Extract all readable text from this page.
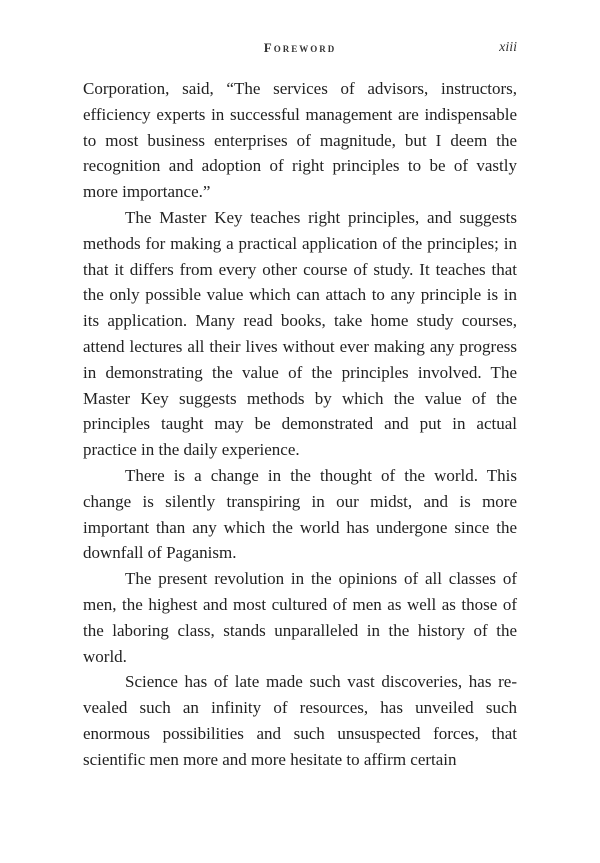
Foreword	xiii

Corporation, said, “The services of advisors, instructors, efficiency experts in successful management are indispensable to most business enterprises of magnitude, but I deem the recognition and adoption of right principles to be of vastly more importance.”

The Master Key teaches right principles, and suggests methods for making a practical application of the principles; in that it differs from every other course of study. It teaches that the only possible value which can attach to any principle is in its application. Many read books, take home study courses, attend lectures all their lives without ever making any progress in demonstrating the value of the principles involved. The Master Key suggests methods by which the value of the principles taught may be demonstrated and put in actual practice in the daily experience.

There is a change in the thought of the world. This change is silently transpiring in our midst, and is more important than any which the world has undergone since the downfall of Paganism.

The present revolution in the opinions of all classes of men, the highest and most cultured of men as well as those of the laboring class, stands unparalleled in the history of the world.

Science has of late made such vast discoveries, has revealed such an infinity of resources, has unveiled such enormous possibilities and such unsuspected forces, that scientific men more and more hesitate to affirm certain
